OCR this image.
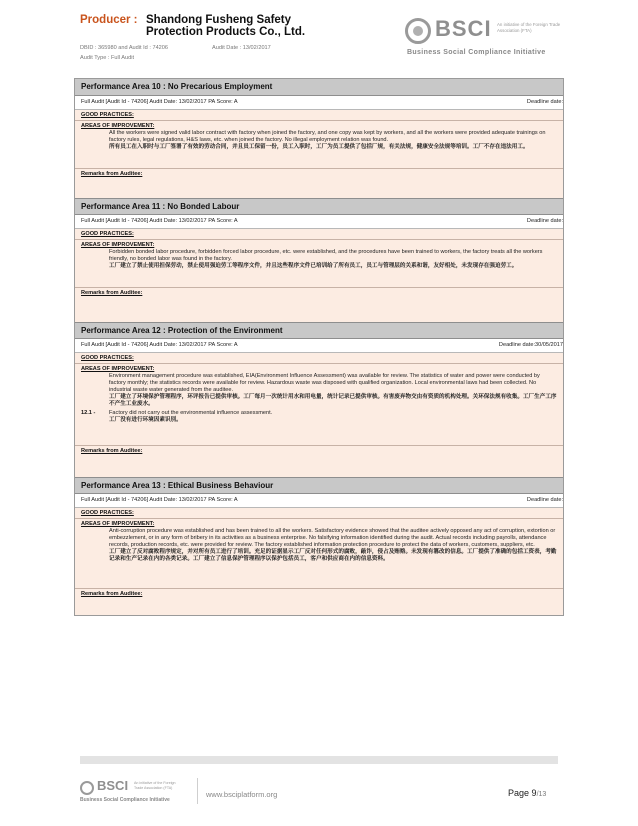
Producer : Shandong Fusheng Safety Protection Products Co., Ltd.
DBID : 365980 and Audit Id : 74206	Audit Date : 13/02/2017
Audit Type : Full Audit
BSCI An initiative of the Foreign Trade Association (FTA)
Business Social Compliance Initiative
Performance Area 10 : No Precarious Employment
Full Audit [Audit Id - 74206] Audit Date: 13/02/2017 PA Score: A	Deadline date:
GOOD PRACTICES:
AREAS OF IMPROVEMENT:
All the workers were signed valid labor contract with factory when joined the factory, and one copy was kept by workers, and all the workers were provided adequate trainings on factory rules, legal regulations, H&S laws, etc. when joined the factory. No illegal employment relation was found.
所有员工在入职时与工厂签署了有效的劳动合同，并且员工保留一份，员工入职时，工厂为员工提供了包括厂规，有关法规，健康安全法规等培训。工厂不存在违法用工。
Remarks from Auditee:
Performance Area 11 : No Bonded Labour
Full Audit [Audit Id - 74206] Audit Date: 13/02/2017 PA Score: A	Deadline date:
GOOD PRACTICES:
AREAS OF IMPROVEMENT:
Forbidden bonded labor procedure, forbidden forced labor procedure, etc. were established, and the procedures have been trained to workers, the factory treats all the workers friendly, no bonded labor was found in the factory.
工厂建立了禁止使用担保劳动，禁止使用强迫劳工等程序文件，并且这些程序文件已培训给了所有员工，员工与管理层的关系和谐，友好相处，未发现存在强迫劳工。
Remarks from Auditee:
Performance Area 12 : Protection of the Environment
Full Audit [Audit Id - 74206] Audit Date: 13/02/2017 PA Score: A	Deadline date:30/05/2017
GOOD PRACTICES:
AREAS OF IMPROVEMENT:
Environment management procedure was established, EIA(Environment Influence Assessment) was available for review. The statistics of water and power were conducted by factory monthly; the statistics records were available for review. Hazardous waste was disposed with qualified organization. Local environmental laws had been collected. No industrial waste water generated from the auditee.
工厂建立了环境保护管理程序，环评报告已提供审核。工厂每月一次统计用水和用电量，统计记录已提供审核。有害废弃物交由有资质的机构处理。关环保法规有收集。工厂生产工序不产生工业废水。
12.1 - Factory did not carry out the environmental influence assessment.
工厂没有进行环境因素识别。
Remarks from Auditee:
Performance Area 13 : Ethical Business Behaviour
Full Audit [Audit Id - 74206] Audit Date: 13/02/2017 PA Score: A	Deadline date:
GOOD PRACTICES:
AREAS OF IMPROVEMENT:
Anti-corruption procedure was established and has been trained to all the workers. Satisfactory evidence showed that the auditee actively opposed any act of corruption, extortion or embezzlement, or in any form of bribery in its activities as a business enterprise. No falsifying information identified during the audit. Actual records including payrolls, attendance records, production records, etc. were provided for review. The factory established information protection procedure to protect the data of workers, customers, suppliers, etc.
工厂建立了反对腐败程序规定，并对所有员工进行了培训。充足的证据显示工厂反对任何形式的腐败，敲诈，侵占及贿赂。未发现有篡改的信息。工厂提供了准确的包括工资表，考勤记录和生产记录在内的各类记录。工厂建立了信息保护管理程序以保护包括员工，客户和供应商在内的信息资料。
Remarks from Auditee:
BSCI An initiative of the Foreign Trade Association (FTA)
Business Social Compliance Initiative
www.bsciplatform.org	Page 9/13
